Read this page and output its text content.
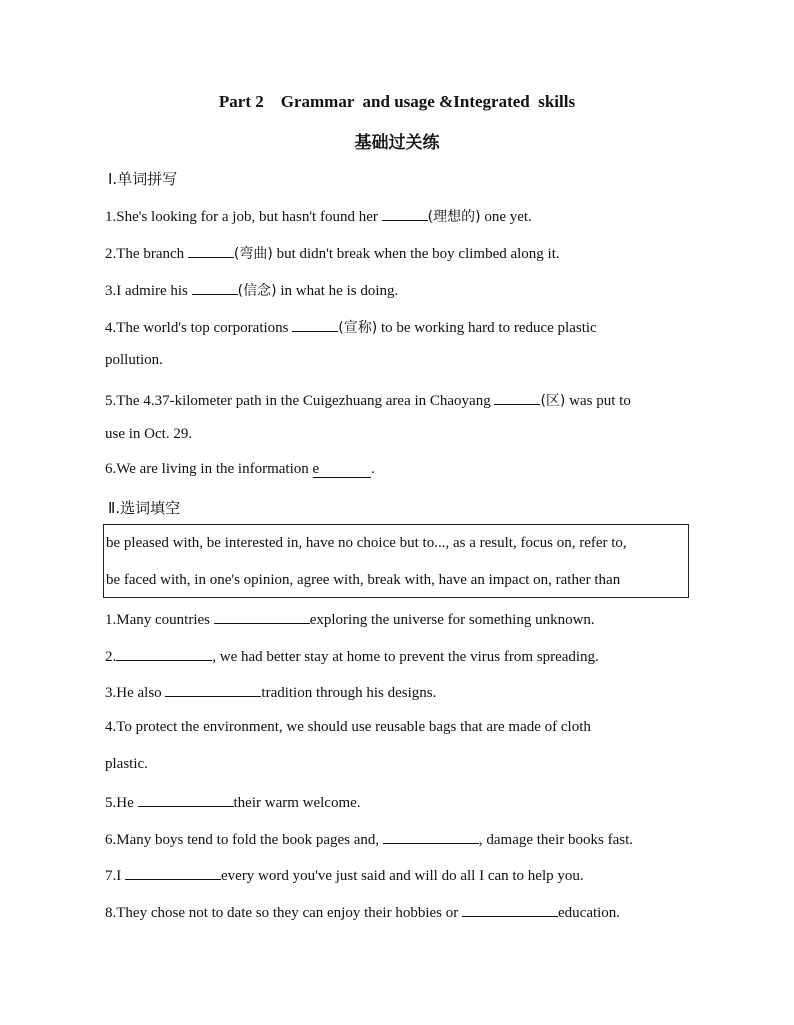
Part 2    Grammar  and usage &Integrated  skills
基础过关练
Ⅰ.单词拼写
1.She's looking for a job, but hasn't found her	(理想的) one yet.
2.The branch	(弯曲) but didn't break when the boy climbed along it.
3.I admire his	(信念) in what he is doing.
4.The world's top corporations	(宣称) to be working hard to reduce plastic
pollution.
5.The 4.37-kilometer path in the Cuigezhuang area in Chaoyang	(区) was put to
use in Oct. 29.
6.We are living in the information e	.
Ⅱ.选词填空
be pleased with, be interested in, have no choice but to..., as a result, focus on, refer to,
be faced with, in one's opinion, agree with, break with, have an impact on, rather than
1.Many countries	exploring the universe for something unknown.
2.	, we had better stay at home to prevent the virus from spreading.
3.He also	tradition through his designs.
4.To protect the environment, we should use reusable bags that are made of cloth
plastic.
5.He	their warm welcome.
6.Many boys tend to fold the book pages and,	, damage their books fast.
7.I	every word you've just said and will do all I can to help you.
8.They chose not to date so they can enjoy their hobbies or	education.
